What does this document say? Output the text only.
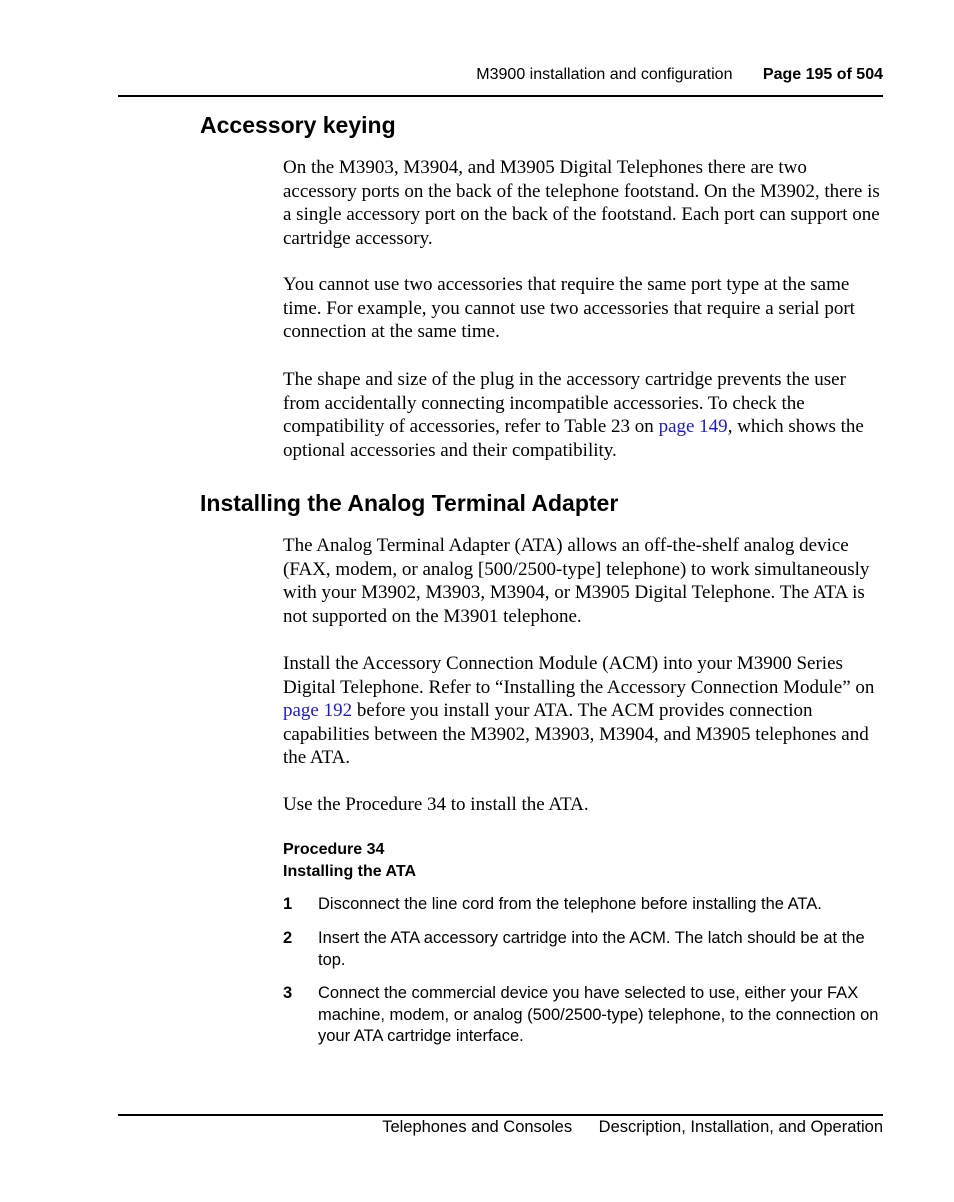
M3900 installation and configuration Page 195 of 504
Accessory keying

On the M3903, M3904, and M3905 Digital Telephones there are two accessory ports on the back of the telephone footstand. On the M3902, there is a single accessory port on the back of the footstand. Each port can support one cartridge accessory.

You cannot use two accessories that require the same port type at the same time. For example, you cannot use two accessories that require a serial port connection at the same time.

The shape and size of the plug in the accessory cartridge prevents the user from accidentally connecting incompatible accessories. To check the compatibility of accessories, refer to Table 23 on page 149, which shows the optional accessories and their compatibility.

Installing the Analog Terminal Adapter

The Analog Terminal Adapter (ATA) allows an off-the-shelf analog device (FAX, modem, or analog [500/2500-type] telephone) to work simultaneously with your M3902, M3903, M3904, or M3905 Digital Telephone. The ATA is not supported on the M3901 telephone.

Install the Accessory Connection Module (ACM) into your M3900 Series Digital Telephone. Refer to “Installing the Accessory Connection Module” on page 192 before you install your ATA. The ACM provides connection capabilities between the M3902, M3903, M3904, and M3905 telephones and the ATA.

Use the Procedure 34 to install the ATA.

Procedure 34
Installing the ATA
1 Disconnect the line cord from the telephone before installing the ATA.
2 Insert the ATA accessory cartridge into the ACM. The latch should be at the top.
3 Connect the commercial device you have selected to use, either your FAX machine, modem, or analog (500/2500-type) telephone, to the connection on your ATA cartridge interface.
Telephones and Consoles Description, Installation, and Operation
